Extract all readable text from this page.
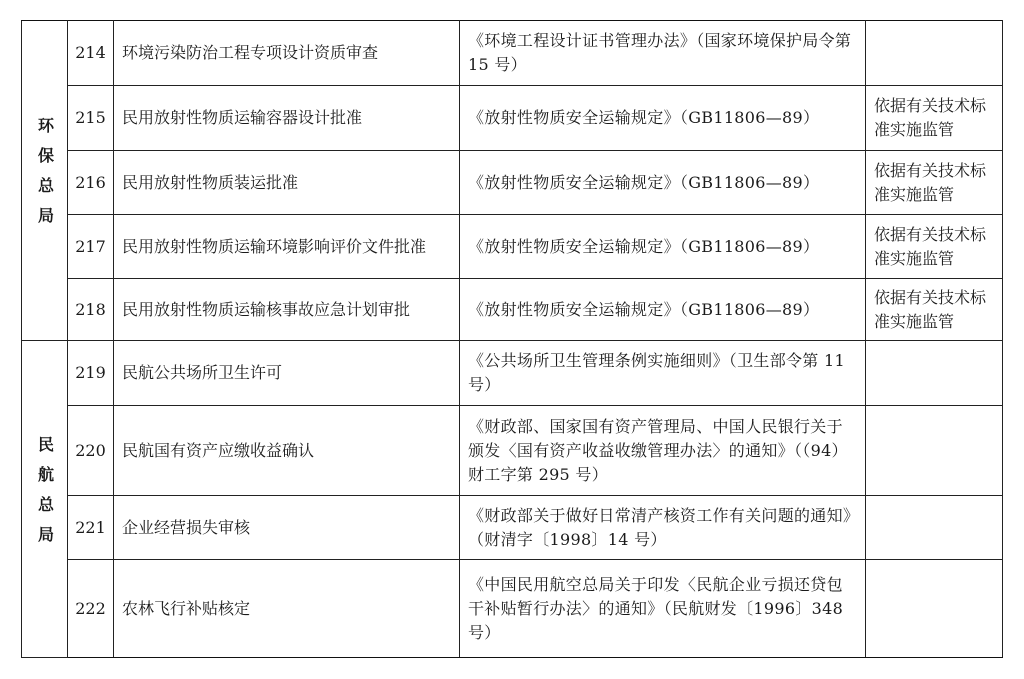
环保总局	214	环境污染防治工程专项设计资质审查	《环境工程设计证书管理办法》（国家环境保护局令第 15 号）	
	215	民用放射性物质运输容器设计批准	《放射性物质安全运输规定》（GB11806—89）	依据有关技术标准实施监管
	216	民用放射性物质装运批准	《放射性物质安全运输规定》（GB11806—89）	依据有关技术标准实施监管
	217	民用放射性物质运输环境影响评价文件批准	《放射性物质安全运输规定》（GB11806—89）	依据有关技术标准实施监管
	218	民用放射性物质运输核事故应急计划审批	《放射性物质安全运输规定》（GB11806—89）	依据有关技术标准实施监管
民航总局	219	民航公共场所卫生许可	《公共场所卫生管理条例实施细则》（卫生部令第 11 号）	
	220	民航国有资产应缴收益确认	《财政部、国家国有资产管理局、中国人民银行关于颁发〈国有资产收益收缴管理办法〉的通知》（（94）财工字第 295 号）	
	221	企业经营损失审核	《财政部关于做好日常清产核资工作有关问题的通知》（财清字〔1998〕14 号）	
	222	农林飞行补贴核定	《中国民用航空总局关于印发〈民航企业亏损还贷包干补贴暂行办法〉的通知》（民航财发〔1996〕348 号）	
